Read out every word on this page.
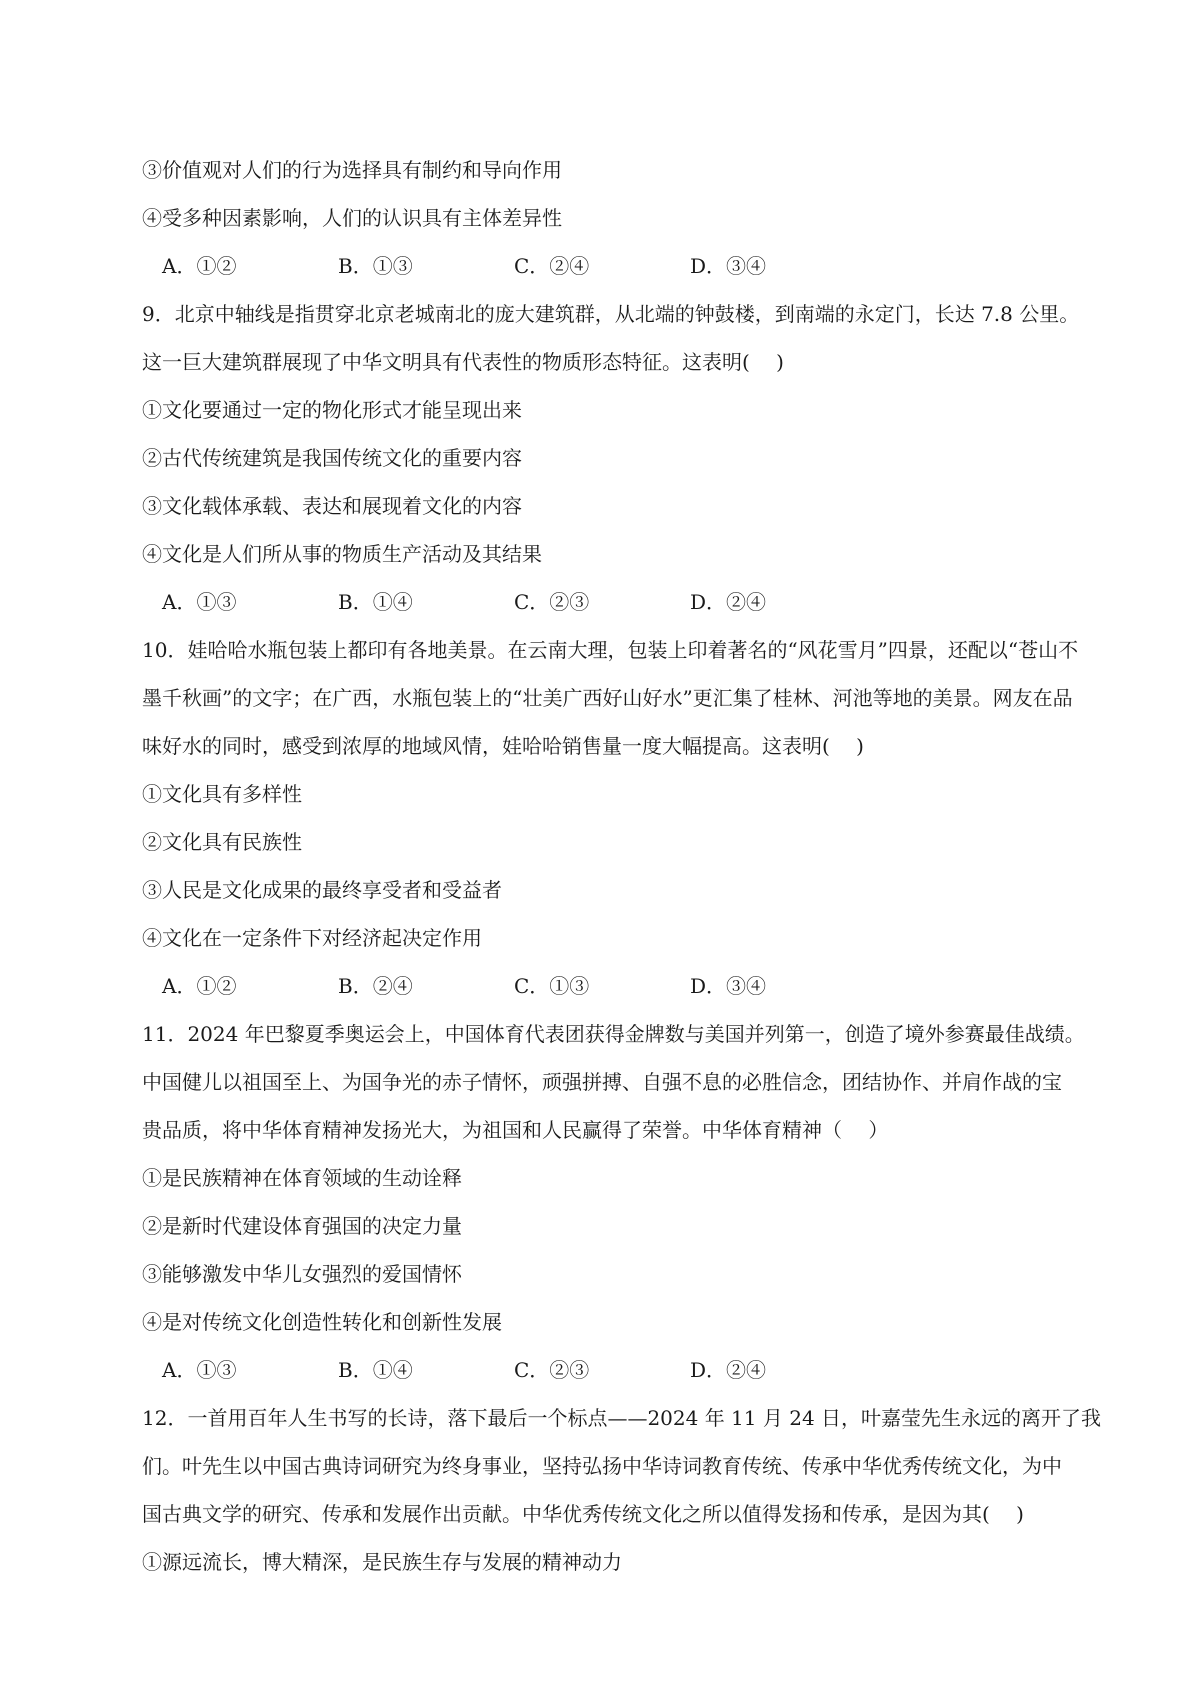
③价值观对人们的行为选择具有制约和导向作用
④受多种因素影响，人们的认识具有主体差异性
A．①②	B．①③	C．②④	D．③④
9．北京中轴线是指贯穿北京老城南北的庞大建筑群，从北端的钟鼓楼，到南端的永定门，长达 7.8 公里。
这一巨大建筑群展现了中华文明具有代表性的物质形态特征。这表明(　 )
①文化要通过一定的物化形式才能呈现出来
②古代传统建筑是我国传统文化的重要内容
③文化载体承载、表达和展现着文化的内容
④文化是人们所从事的物质生产活动及其结果
A．①③	B．①④	C．②③	D．②④
10．娃哈哈水瓶包装上都印有各地美景。在云南大理，包装上印着著名的“风花雪月”四景，还配以“苍山不
墨千秋画”的文字；在广西，水瓶包装上的“壮美广西好山好水”更汇集了桂林、河池等地的美景。网友在品
味好水的同时，感受到浓厚的地域风情，娃哈哈销售量一度大幅提高。这表明(　 )
①文化具有多样性
②文化具有民族性
③人民是文化成果的最终享受者和受益者
④文化在一定条件下对经济起决定作用
A．①②	B．②④	C．①③	D．③④
11．2024 年巴黎夏季奥运会上，中国体育代表团获得金牌数与美国并列第一，创造了境外参赛最佳战绩。
中国健儿以祖国至上、为国争光的赤子情怀，顽强拼搏、自强不息的必胜信念，团结协作、并肩作战的宝
贵品质，将中华体育精神发扬光大，为祖国和人民赢得了荣誉。中华体育精神（　 ）
①是民族精神在体育领域的生动诠释
②是新时代建设体育强国的决定力量
③能够激发中华儿女强烈的爱国情怀
④是对传统文化创造性转化和创新性发展
A．①③	B．①④	C．②③	D．②④
12．一首用百年人生书写的长诗，落下最后一个标点——2024 年 11 月 24 日，叶嘉莹先生永远的离开了我
们。叶先生以中国古典诗词研究为终身事业，坚持弘扬中华诗词教育传统、传承中华优秀传统文化，为中
国古典文学的研究、传承和发展作出贡献。中华优秀传统文化之所以值得发扬和传承，是因为其(　 )
①源远流长，博大精深，是民族生存与发展的精神动力
